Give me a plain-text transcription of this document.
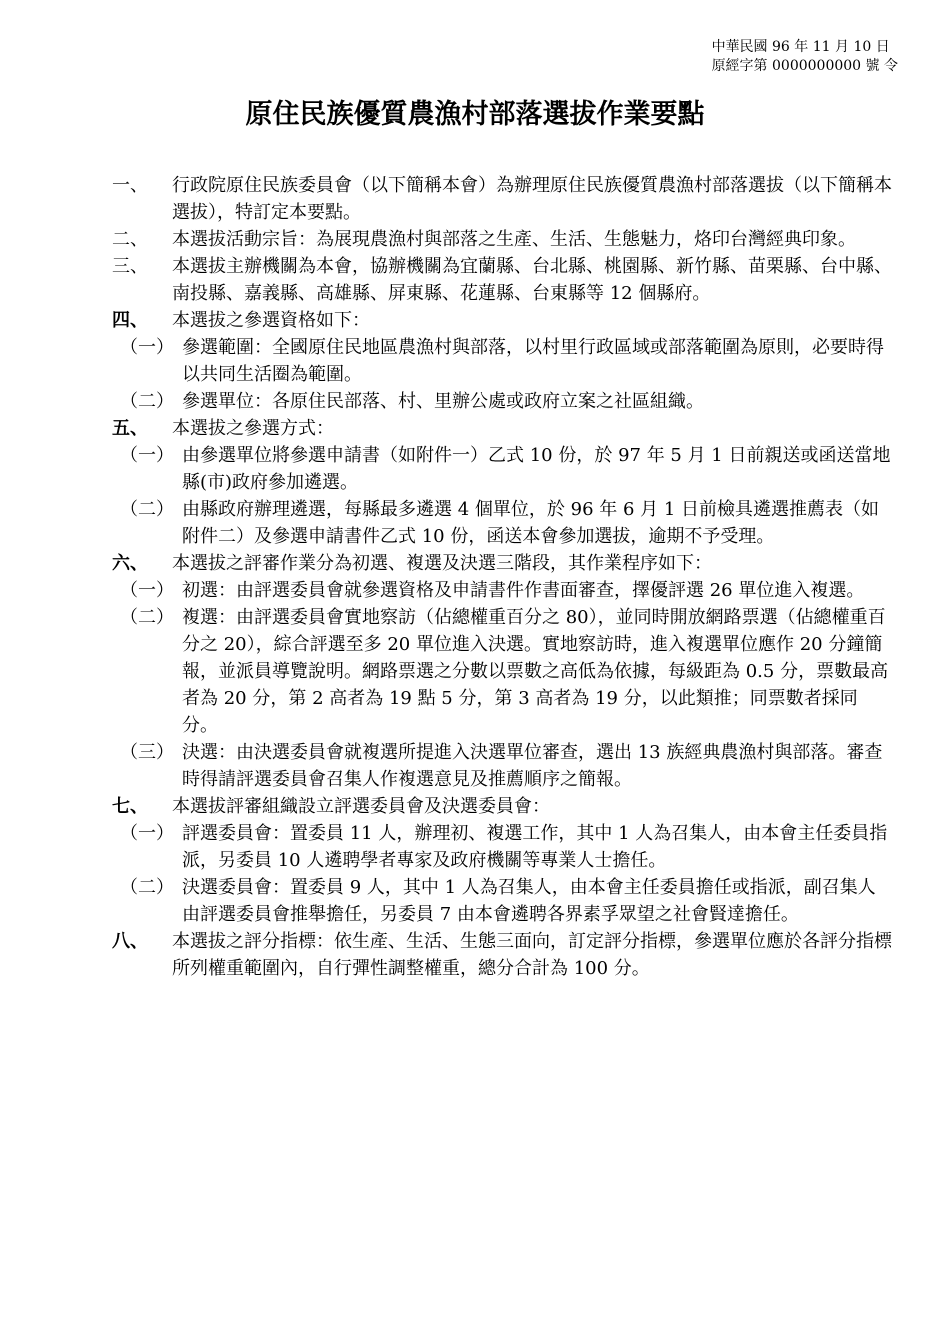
中華民國 96 年 11 月 10 日
原經字第 0000000000 號 令
原住民族優質農漁村部落選拔作業要點
一、	行政院原住民族委員會（以下簡稱本會）為辦理原住民族優質農漁村部落選拔（以下簡稱本選拔），特訂定本要點。
二、	本選拔活動宗旨：為展現農漁村與部落之生產、生活、生態魅力，烙印台灣經典印象。
三、	本選拔主辦機關為本會，協辦機關為宜蘭縣、台北縣、桃園縣、新竹縣、苗栗縣、台中縣、南投縣、嘉義縣、高雄縣、屏東縣、花蓮縣、台東縣等 12 個縣府。
四、	本選拔之參選資格如下：
（一） 參選範圍：全國原住民地區農漁村與部落，以村里行政區域或部落範圍為原則，必要時得以共同生活圈為範圍。
（二） 參選單位：各原住民部落、村、里辦公處或政府立案之社區組織。
五、	本選拔之參選方式：
（一） 由參選單位將參選申請書（如附件一）乙式 10 份，於 97 年 5 月 1 日前親送或函送當地縣(市)政府參加遴選。
（二） 由縣政府辦理遴選，每縣最多遴選 4 個單位，於 96 年 6 月 1 日前檢具遴選推薦表（如附件二）及參選申請書件乙式 10 份，函送本會參加選拔，逾期不予受理。
六、	本選拔之評審作業分為初選、複選及決選三階段，其作業程序如下：
（一） 初選：由評選委員會就參選資格及申請書件作書面審查，擇優評選 26 單位進入複選。
（二） 複選：由評選委員會實地察訪（佔總權重百分之 80），並同時開放網路票選（佔總權重百分之 20），綜合評選至多 20 單位進入決選。實地察訪時，進入複選單位應作 20 分鐘簡報，並派員導覽說明。網路票選之分數以票數之高低為依據，每級距為 0.5 分，票數最高者為 20 分，第 2 高者為 19 點 5 分，第 3 高者為 19 分，以此類推；同票數者採同分。
（三） 決選：由決選委員會就複選所提進入決選單位審查，選出 13 族經典農漁村與部落。審查時得請評選委員會召集人作複選意見及推薦順序之簡報。
七、	本選拔評審組織設立評選委員會及決選委員會：
（一） 評選委員會：置委員 11 人，辦理初、複選工作，其中 1 人為召集人，由本會主任委員指派，另委員 10 人遴聘學者專家及政府機關等專業人士擔任。
（二） 決選委員會：置委員 9 人，其中 1 人為召集人，由本會主任委員擔任或指派，副召集人由評選委員會推舉擔任，另委員 7 由本會遴聘各界素孚眾望之社會賢達擔任。
八、	本選拔之評分指標：依生產、生活、生態三面向，訂定評分指標，參選單位應於各評分指標所列權重範圍內，自行彈性調整權重，總分合計為 100 分。
